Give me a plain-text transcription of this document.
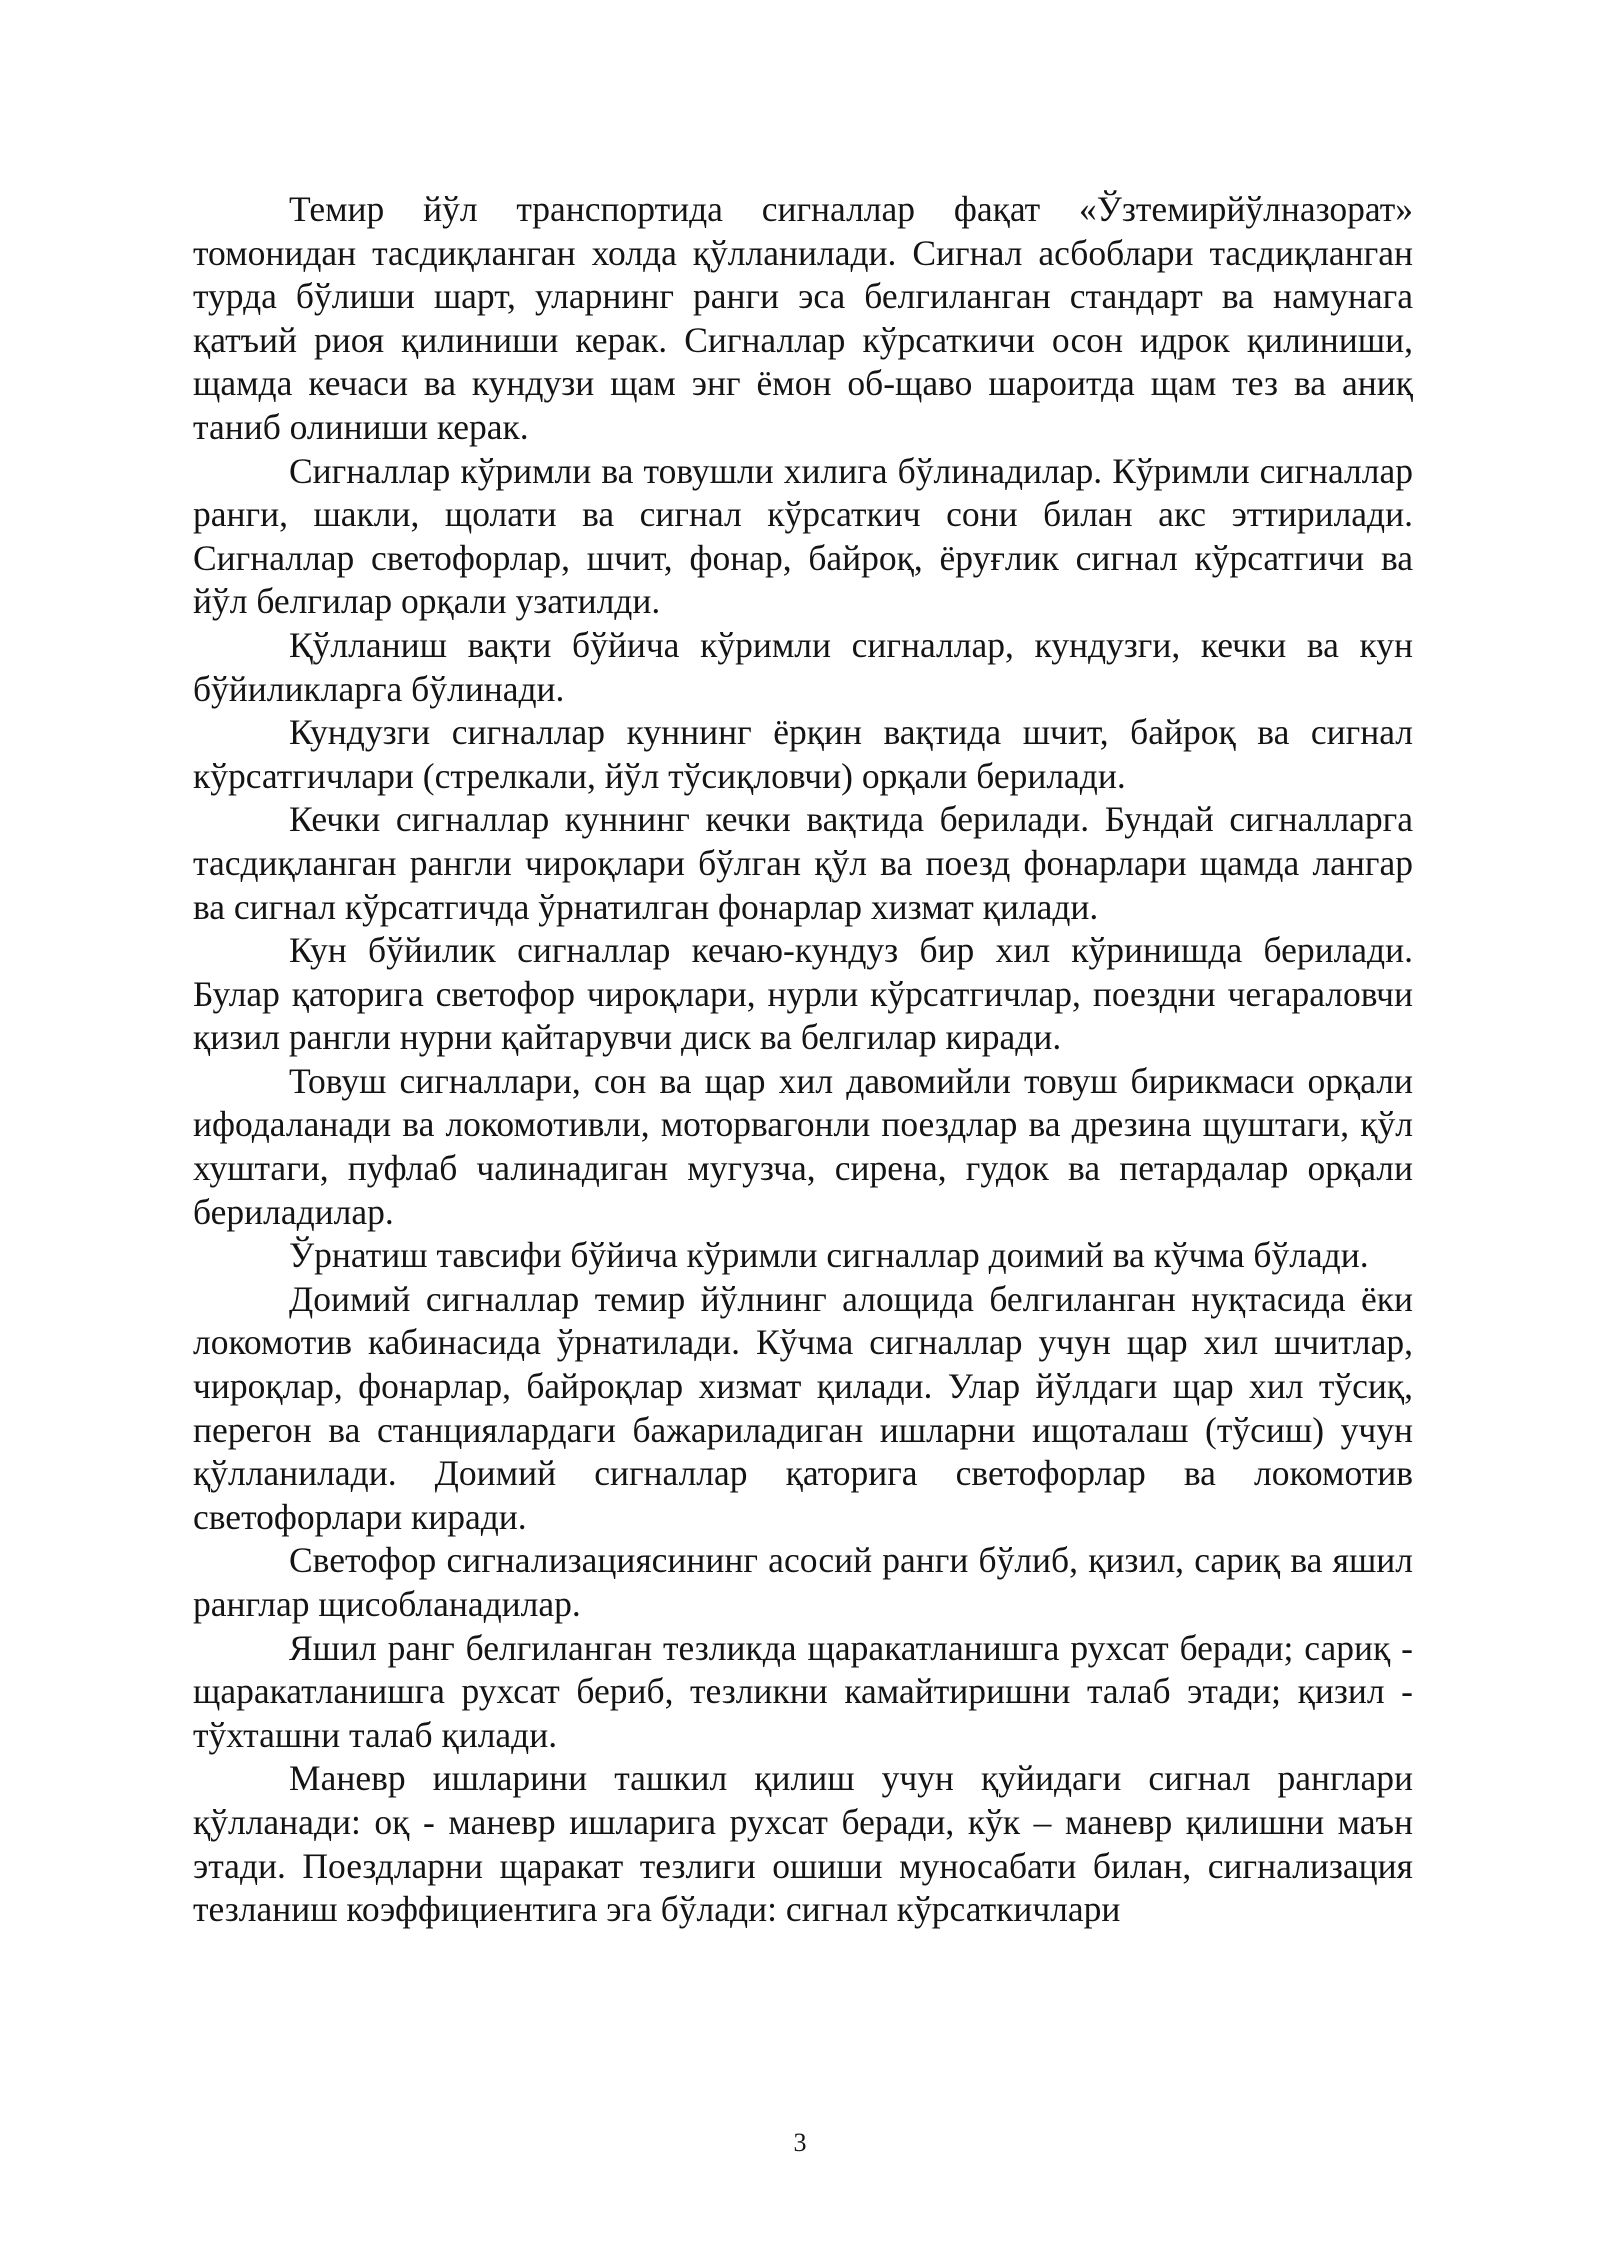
Темир йўл транспортида сигналлар фақат «Ўзтемирйўлназорат» томонидан тасдиқланган холда қўлланилади. Сигнал асбоблари тасдиқланган турда бўлиши шарт, уларнинг ранги эса белгиланган стандарт ва намунага қатъий риоя қилиниши керак. Сигналлар кўрсаткичи осон идрок қилиниши, щамда кечаси ва кундузи щам энг ёмон об-щаво шароитда щам тез ва аниқ таниб олиниши керак.

Сигналлар кўримли ва товушли хилига бўлинадилар. Кўримли сигналлар ранги, шакли, щолати ва сигнал кўрсаткич сони билан акс эттирилади. Сигналлар светофорлар, шчит, фонар, байроқ, ёруғлик сигнал кўрсатгичи ва йўл белгилар орқали узатилди.

Қўлланиш вақти бўйича кўримли сигналлар, кундузги, кечки ва кун бўйиликларга бўлинади.

Кундузги сигналлар куннинг ёрқин вақтида шчит, байроқ ва сигнал кўрсатгичлари (стрелкали, йўл тўсиқловчи) орқали берилади.

Кечки сигналлар куннинг кечки вақтида берилади. Бундай сигналларга тасдиқланган рангли чироқлари бўлган қўл ва поезд фонарлари щамда лангар ва сигнал кўрсатгичда ўрнатилган фонарлар хизмат қилади.

Кун бўйилик сигналлар кечаю-кундуз бир хил кўринишда берилади. Булар қаторига светофор чироқлари, нурли кўрсатгичлар, поездни чегараловчи қизил рангли нурни қайтарувчи диск ва белгилар киради.

Товуш сигналлари, сон ва щар хил давомийли товуш бирикмаси орқали ифодаланади ва локомотивли, моторвагонли поездлар ва дрезина щуштаги, қўл хуштаги, пуфлаб чалинадиган мугузча, сирена, гудок ва петардалар орқали бериладилар.

Ўрнатиш тавсифи бўйича кўримли сигналлар доимий ва кўчма бўлади.

Доимий сигналлар темир йўлнинг алощида белгиланган нуқтасида ёки локомотив кабинасида ўрнатилади. Кўчма сигналлар учун щар хил шчитлар, чироқлар, фонарлар, байроқлар хизмат қилади. Улар йўлдаги щар хил тўсиқ, перегон ва станциялардаги бажариладиган ишларни ищоталаш (тўсиш) учун қўлланилади. Доимий сигналлар қаторига светофорлар ва локомотив светофорлари киради.

Светофор сигнализациясининг асосий ранги бўлиб, қизил, сариқ ва яшил ранглар щисобланадилар.

Яшил ранг белгиланган тезликда щаракатланишга рухсат беради; сариқ - щаракатланишга рухсат бериб, тезликни камайтиришни талаб этади; қизил - тўхташни талаб қилади.

Маневр ишларини ташкил қилиш учун қуйидаги сигнал ранглари қўлланади: оқ - маневр ишларига рухсат беради, кўк – маневр қилишни маън этади. Поездларни щаракат тезлиги ошиши муносабати билан, сигнализация тезланиш коэффициентига эга бўлади: сигнал кўрсаткичлари

3
